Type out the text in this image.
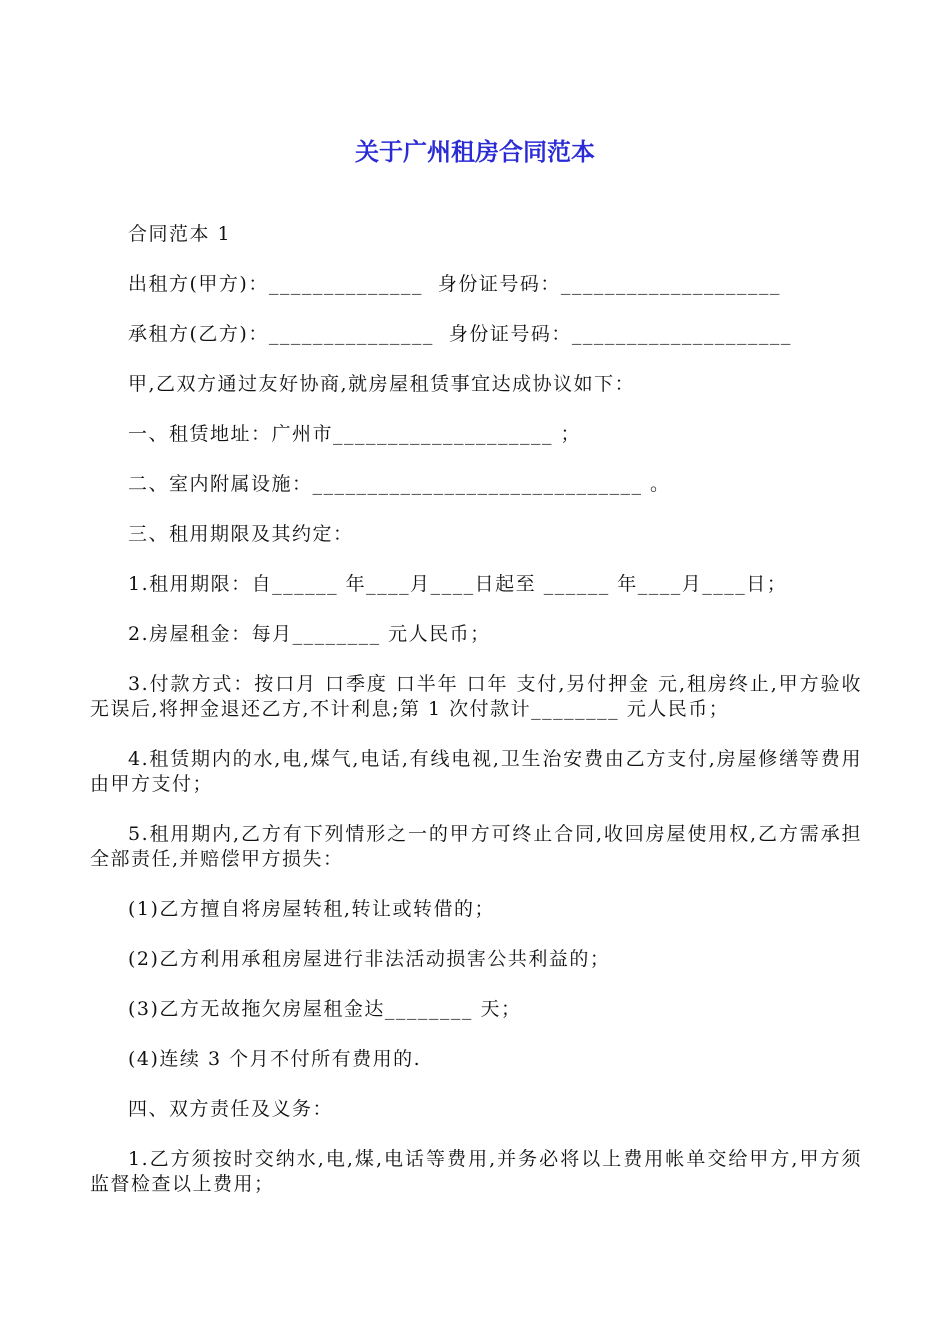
关于广州租房合同范本

合同范本 1

出租方(甲方)：______________  身份证号码：____________________

承租方(乙方)：_______________  身份证号码：____________________

甲,乙双方通过友好协商,就房屋租赁事宜达成协议如下：

一、租赁地址：广州市____________________ ；

二、室内附属设施：______________________________ 。

三、租用期限及其约定：

1.租用期限：自______ 年____月____日起至 ______ 年____月____日；

2.房屋租金：每月________ 元人民币；

3.付款方式：按口月 口季度 口半年 口年 支付,另付押金 元,租房终止,甲方验收无误后,将押金退还乙方,不计利息;第 1 次付款计________ 元人民币；

4.租赁期内的水,电,煤气,电话,有线电视,卫生治安费由乙方支付,房屋修缮等费用由甲方支付；

5.租用期内,乙方有下列情形之一的甲方可终止合同,收回房屋使用权,乙方需承担全部责任,并赔偿甲方损失：

(1)乙方擅自将房屋转租,转让或转借的；

(2)乙方利用承租房屋进行非法活动损害公共利益的；

(3)乙方无故拖欠房屋租金达________ 天；

(4)连续 3 个月不付所有费用的.

四、双方责任及义务：

1.乙方须按时交纳水,电,煤,电话等费用,并务必将以上费用帐单交给甲方,甲方须监督检查以上费用；
